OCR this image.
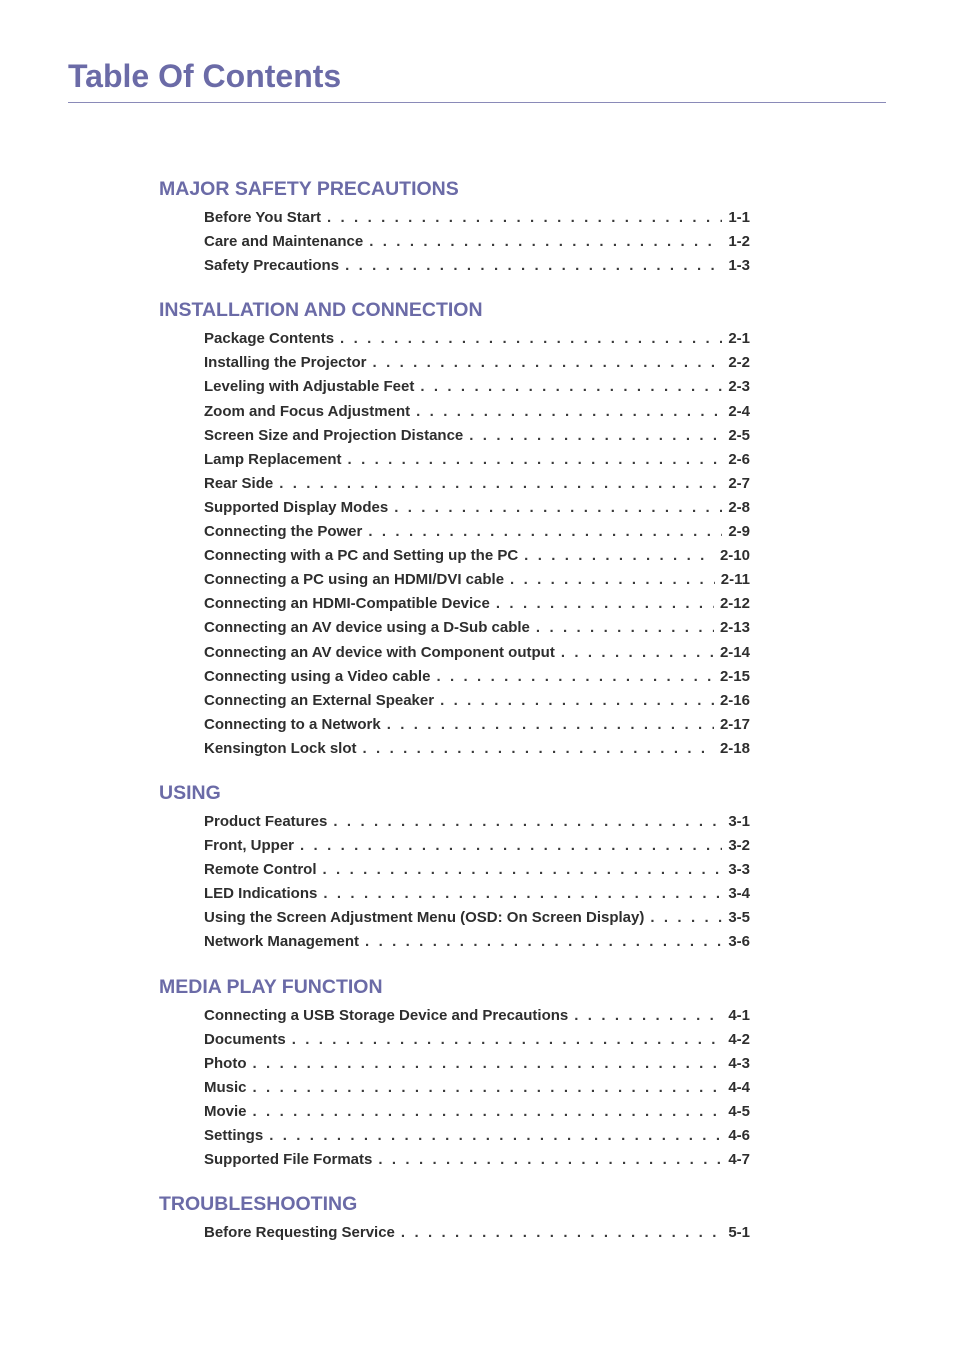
Table Of Contents
MAJOR SAFETY PRECAUTIONS
Before You Start . . .	1-1
Care and Maintenance . . .	1-2
Safety Precautions . . .	1-3
INSTALLATION AND CONNECTION
Package Contents . . .	2-1
Installing the Projector . . .	2-2
Leveling with Adjustable Feet . . .	2-3
Zoom and Focus Adjustment . . .	2-4
Screen Size and Projection Distance . . .	2-5
Lamp Replacement . . .	2-6
Rear Side . . .	2-7
Supported Display Modes . . .	2-8
Connecting the Power . . .	2-9
Connecting with a PC and Setting up the PC . . .	2-10
Connecting a PC using an HDMI/DVI cable . . .	2-11
Connecting an HDMI-Compatible Device . . .	2-12
Connecting an AV device using a D-Sub cable . . .	2-13
Connecting an AV device with Component output . . .	2-14
Connecting using a Video cable . . .	2-15
Connecting an External Speaker . . .	2-16
Connecting to a Network . . .	2-17
Kensington Lock slot . . .	2-18
USING
Product Features . . .	3-1
Front, Upper . . .	3-2
Remote Control . . .	3-3
LED Indications . . .	3-4
Using the Screen Adjustment Menu (OSD: On Screen Display) . . .	3-5
Network Management . . .	3-6
MEDIA PLAY FUNCTION
Connecting a USB Storage Device and Precautions . . .	4-1
Documents . . .	4-2
Photo . . .	4-3
Music . . .	4-4
Movie . . .	4-5
Settings . . .	4-6
Supported File Formats . . .	4-7
TROUBLESHOOTING
Before Requesting Service . . .	5-1
